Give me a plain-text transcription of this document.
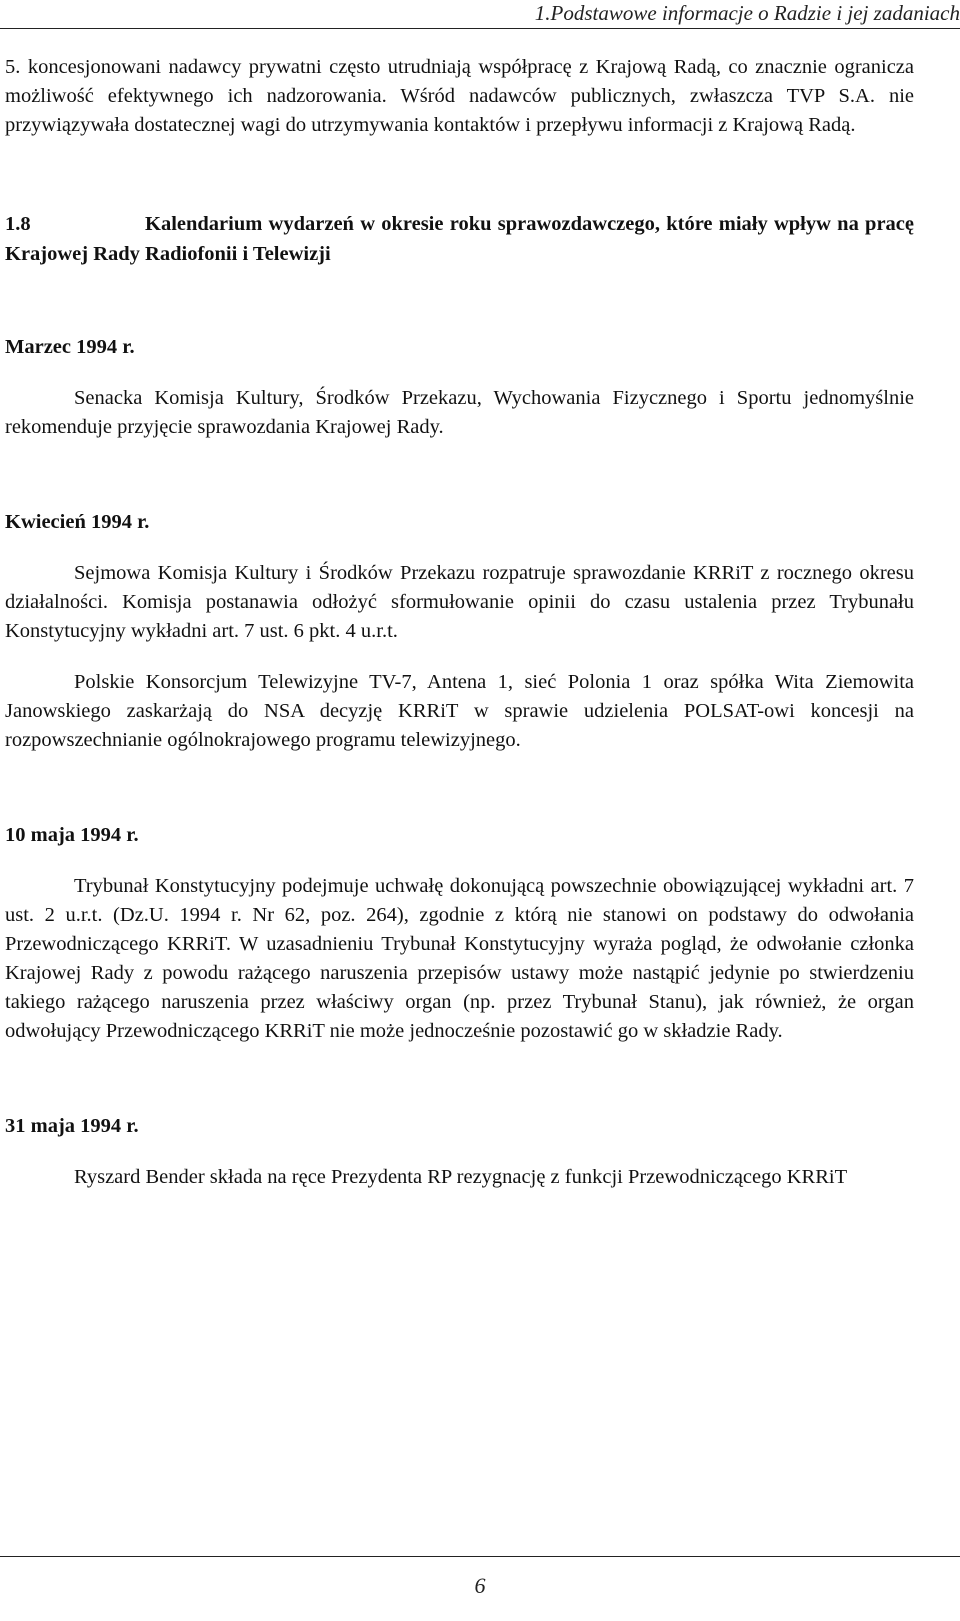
1.Podstawowe informacje o Radzie i jej zadaniach

5. koncesjonowani nadawcy prywatni często utrudniają współpracę z Krajową Radą, co znacznie ogranicza możliwość efektywnego ich nadzorowania. Wśród nadawców publicznych, zwłaszcza TVP S.A. nie przywiązywała dostatecznej wagi do utrzymywania kontaktów i przepływu informacji z Krajową Radą.

1.8	Kalendarium wydarzeń w okresie roku sprawozdawczego, które miały wpływ na pracę Krajowej Rady Radiofonii i Telewizji

Marzec 1994 r.

Senacka Komisja Kultury, Środków Przekazu, Wychowania Fizycznego i Sportu jednomyślnie rekomenduje przyjęcie sprawozdania Krajowej Rady.

Kwiecień 1994 r.

Sejmowa Komisja Kultury i Środków Przekazu rozpatruje sprawozdanie KRRiT z rocznego okresu działalności. Komisja postanawia odłożyć sformułowanie opinii do czasu ustalenia przez Trybunału Konstytucyjny wykładni art. 7 ust. 6 pkt. 4 u.r.t.

Polskie Konsorcjum Telewizyjne TV-7, Antena 1, sieć Polonia 1 oraz spółka Wita Ziemowita Janowskiego zaskarżają do NSA decyzję KRRiT w sprawie udzielenia POLSAT-owi koncesji na rozpowszechnianie ogólnokrajowego programu telewizyjnego.

10 maja 1994 r.

Trybunał Konstytucyjny podejmuje uchwałę dokonującą powszechnie obowiązującej wykładni art. 7 ust. 2 u.r.t. (Dz.U. 1994 r. Nr 62, poz. 264), zgodnie z którą nie stanowi on podstawy do odwołania Przewodniczącego KRRiT. W uzasadnieniu Trybunał Konstytucyjny wyraża pogląd, że odwołanie członka Krajowej Rady z powodu rażącego naruszenia przepisów ustawy może nastąpić jedynie po stwierdzeniu takiego rażącego naruszenia przez właściwy organ (np. przez Trybunał Stanu), jak również, że organ odwołujący Przewodniczącego KRRiT nie może jednocześnie pozostawić go w składzie Rady.

31 maja 1994 r.

Ryszard Bender składa na ręce Prezydenta RP rezygnację z funkcji Przewodniczącego KRRiT

6
